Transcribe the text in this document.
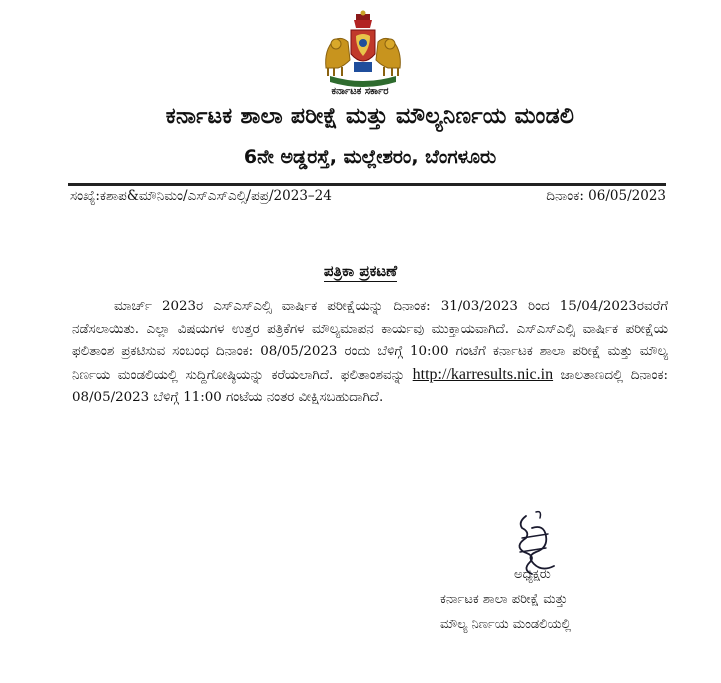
ಕರ್ನಾಟಕ ಸರ್ಕಾರ
ಕರ್ನಾಟಕ ಶಾಲಾ ಪರೀಕ್ಷೆ ಮತ್ತು ಮೌಲ್ಯನಿರ್ಣಯ ಮಂಡಲಿ
6ನೇ ಅಡ್ಡರಸ್ತೆ, ಮಲ್ಲೇಶರಂ, ಬೆಂಗಳೂರು
ಸಂಖ್ಯೆ:ಕಶಾಪ&ಮೌನಿಮಂ/ಎಸ್ಎಸ್ಎಲ್ಸಿ/ಪಪ್ರ/2023–24	ದಿನಾಂಕ: 06/05/2023
ಪತ್ರಿಕಾ ಪ್ರಕಟಣೆ
ಮಾರ್ಚ್ 2023ರ ಎಸ್ಎಸ್ಎಲ್ಸಿ ವಾರ್ಷಿಕ ಪರೀಕ್ಷೆಯನ್ನು ದಿನಾಂಕ: 31/03/2023 ರಿಂದ 15/04/2023ರವರೆಗೆ ನಡೆಸಲಾಯಿತು. ಎಲ್ಲಾ ವಿಷಯಗಳ ಉತ್ತರ ಪತ್ರಿಕೆಗಳ ಮೌಲ್ಯಮಾಪನ ಕಾರ್ಯವು ಮುಕ್ತಾಯವಾಗಿದೆ. ಎಸ್ಎಸ್ಎಲ್ಸಿ ವಾರ್ಷಿಕ ಪರೀಕ್ಷೆಯ ಫಲಿತಾಂಶ ಪ್ರಕಟಿಸುವ ಸಂಬಂಧ ದಿನಾಂಕ: 08/05/2023 ರಂದು ಬೆಳಿಗ್ಗೆ 10:00 ಗಂಟೆಗೆ ಕರ್ನಾಟಕ ಶಾಲಾ ಪರೀಕ್ಷೆ ಮತ್ತು ಮೌಲ್ಯ ನಿರ್ಣಯ ಮಂಡಲಿಯಲ್ಲಿ ಸುದ್ದಿಗೋಷ್ಠಿಯನ್ನು ಕರೆಯಲಾಗಿದೆ. ಫಲಿತಾಂಶವನ್ನು http://karresults.nic.in ಜಾಲತಾಣದಲ್ಲಿ ದಿನಾಂಕ: 08/05/2023 ಬೆಳಿಗ್ಗೆ 11:00 ಗಂಟೆಯ ನಂತರ ವೀಕ್ಷಿಸಬಹುದಾಗಿದೆ.
ಅಧ್ಯಕ್ಷರು
ಕರ್ನಾಟಕ ಶಾಲಾ ಪರೀಕ್ಷೆ ಮತ್ತು
ಮೌಲ್ಯ ನಿರ್ಣಯ ಮಂಡಲಿಯಲ್ಲಿ
